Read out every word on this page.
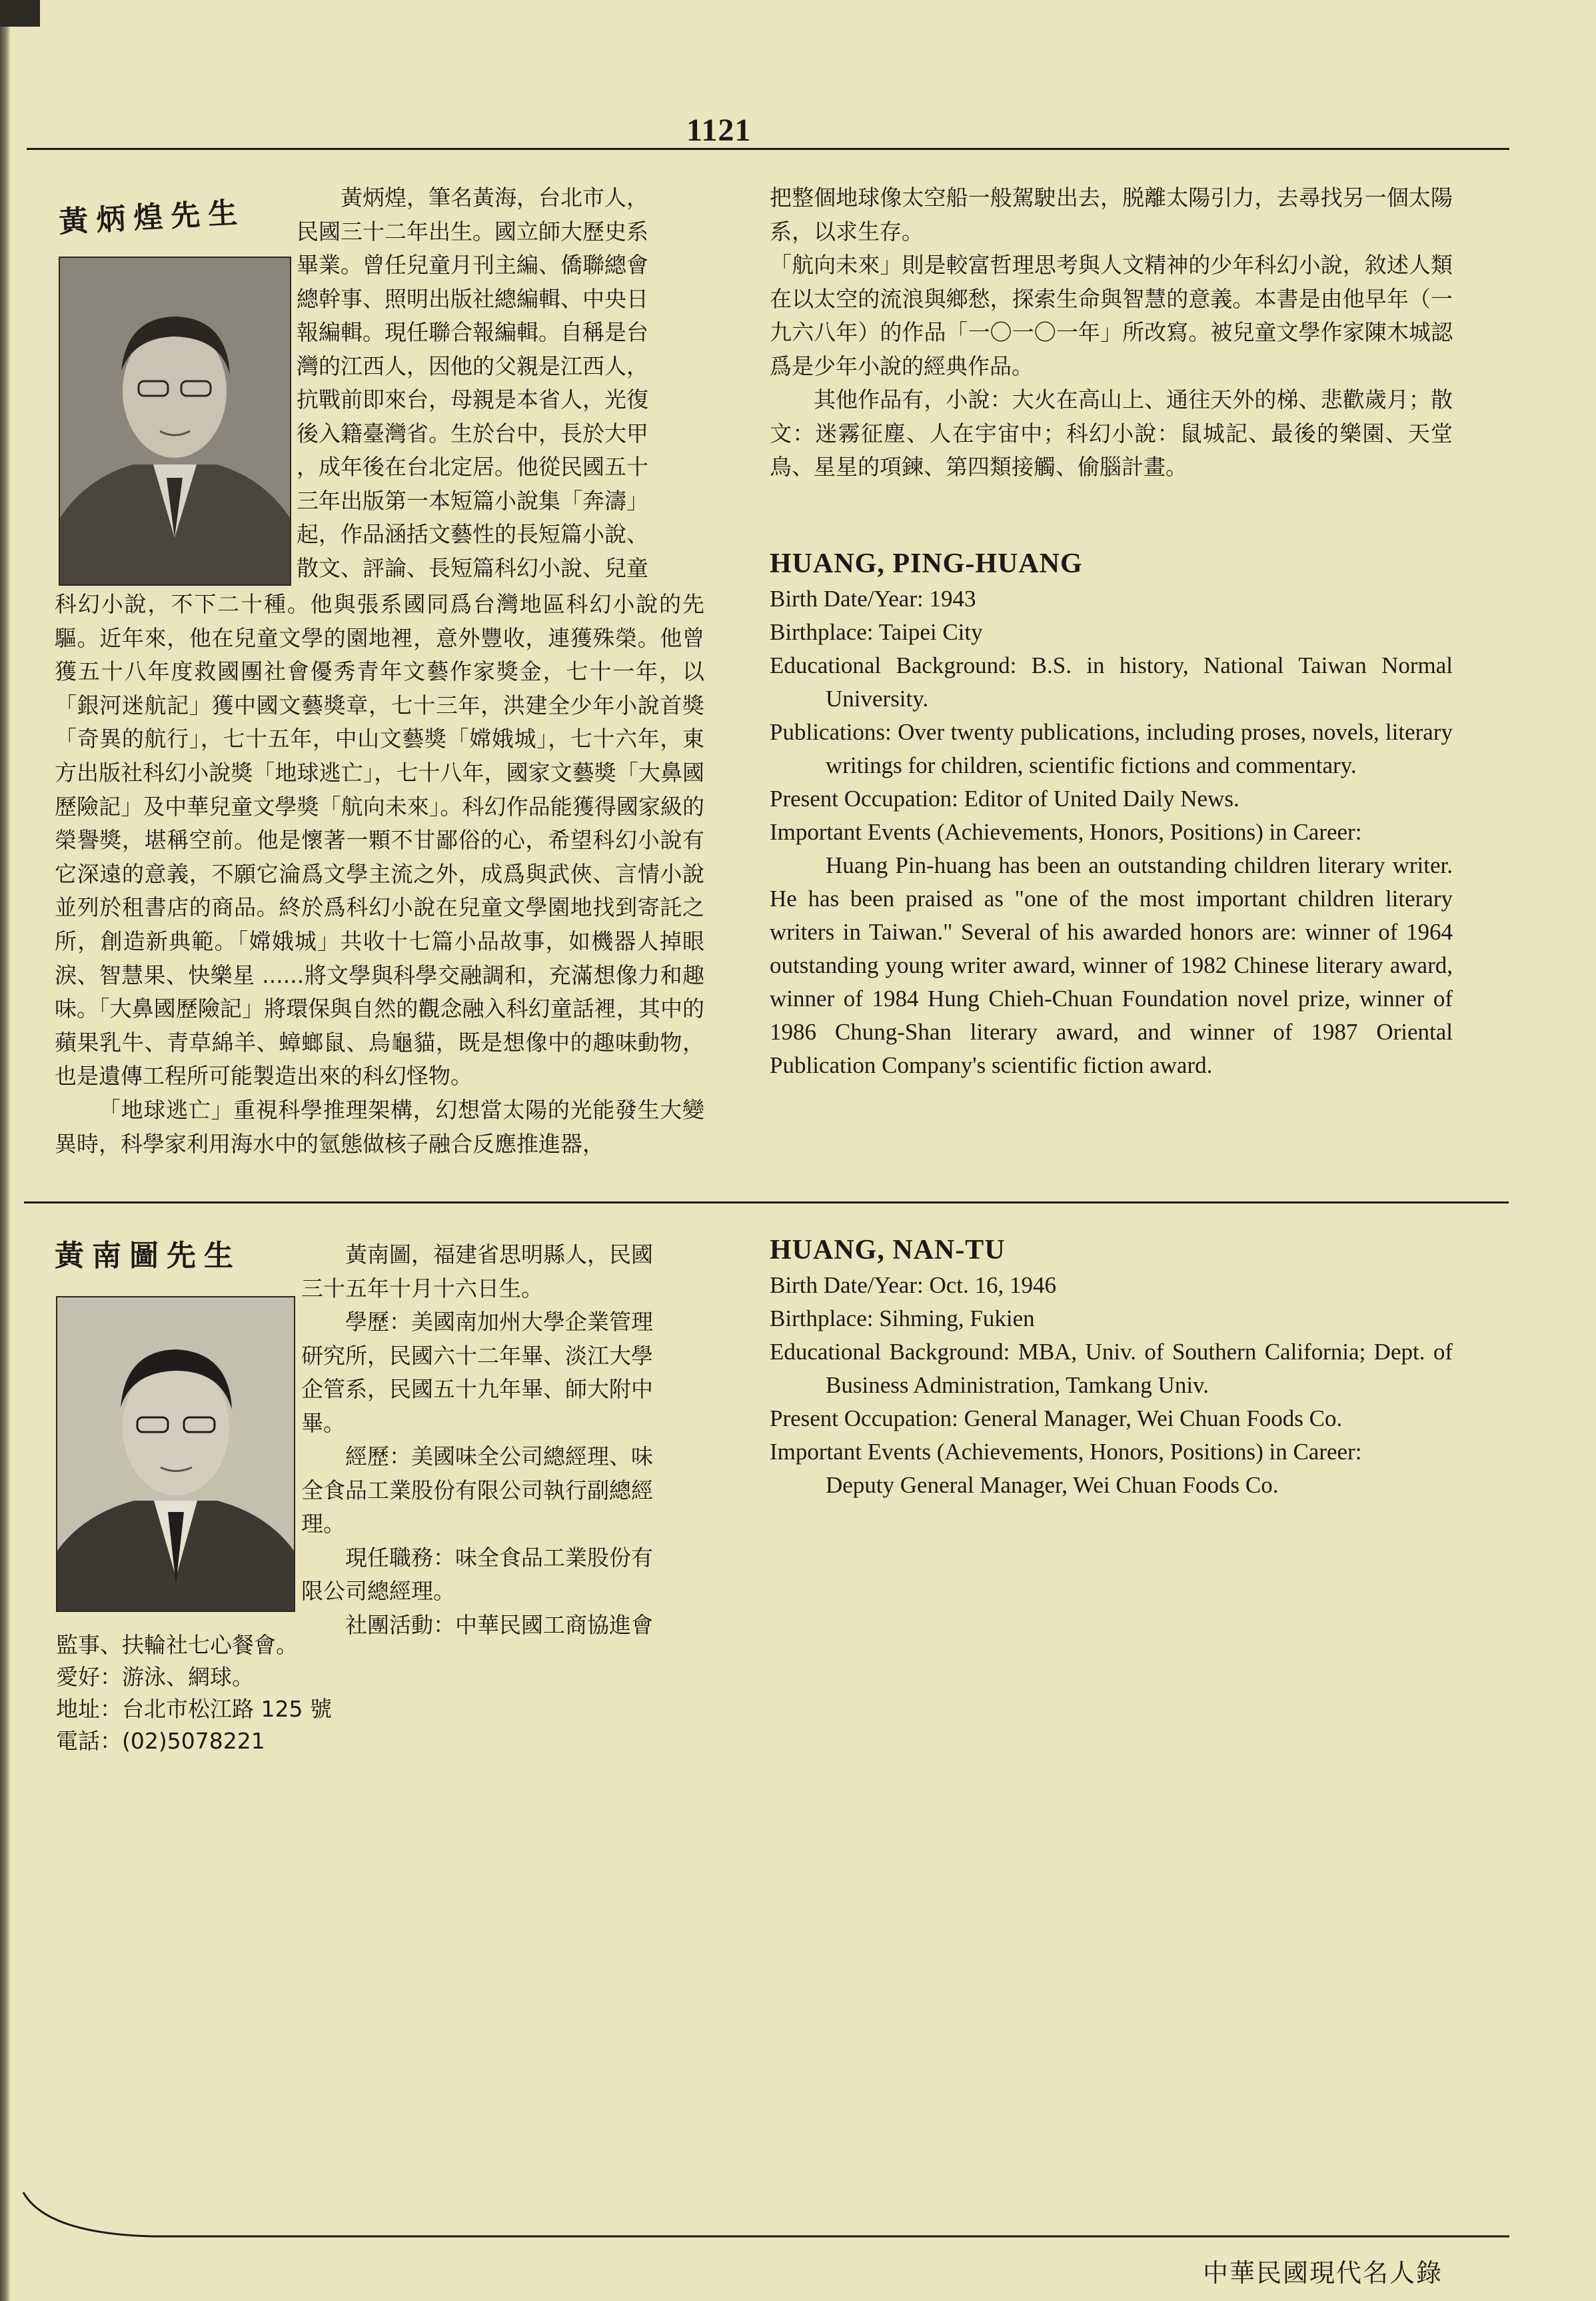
1121
黃炳煌先生	黃炳煌，筆名黃海，台北市人，
民國三十二年出生。國立師大歷史系
畢業。曾任兒童月刊主編、僑聯總會
總幹事、照明出版社總編輯、中央日
報編輯。現任聯合報編輯。自稱是台
灣的江西人，因他的父親是江西人，
抗戰前即來台，母親是本省人，光復
後入籍臺灣省。生於台中，長於大甲
，成年後在台北定居。他從民國五十
三年出版第一本短篇小說集「奔濤」
起，作品涵括文藝性的長短篇小說、
散文、評論、長短篇科幻小說、兒童

科幻小說，不下二十種。他與張系國同爲台灣地區科幻小說的先驅。近年來，他在兒童文學的園地裡，意外豐收，連獲殊榮。他曾獲五十八年度救國團社會優秀青年文藝作家獎金，七十一年，以「銀河迷航記」獲中國文藝獎章，七十三年，洪建全少年小說首獎「奇異的航行」，七十五年，中山文藝獎「嫦娥城」，七十六年，東方出版社科幻小說獎「地球逃亡」，七十八年，國家文藝獎「大鼻國歷險記」及中華兒童文學獎「航向未來」。科幻作品能獲得國家級的榮譽獎，堪稱空前。他是懷著一顆不甘鄙俗的心，希望科幻小說有它深遠的意義，不願它淪爲文學主流之外，成爲與武俠、言情小說並列於租書店的商品。終於爲科幻小說在兒童文學園地找到寄託之所，創造新典範。「嫦娥城」共收十七篇小品故事，如機器人掉眼淚、智慧果、快樂星 ......將文學與科學交融調和，充滿想像力和趣味。「大鼻國歷險記」將環保與自然的觀念融入科幻童話裡，其中的蘋果乳牛、青草綿羊、蟑螂鼠、烏龜貓，既是想像中的趣味動物，也是遺傳工程所可能製造出來的科幻怪物。

「地球逃亡」重視科學推理架構，幻想當太陽的光能發生大變異時，科學家利用海水中的氫態做核子融合反應推進器，

把整個地球像太空船一般駕駛出去，脱離太陽引力，去尋找另一個太陽系，以求生存。

「航向未來」則是較富哲理思考與人文精神的少年科幻小說，敘述人類在以太空的流浪與鄉愁，探索生命與智慧的意義。本書是由他早年（一九六八年）的作品「一〇一〇一年」所改寫。被兒童文學作家陳木城認爲是少年小說的經典作品。

其他作品有，小說：大火在高山上、通往天外的梯、悲歡歲月；散文：迷霧征塵、人在宇宙中；科幻小說：鼠城記、最後的樂園、天堂鳥、星星的項鍊、第四類接觸、偷腦計畫。

HUANG, PING-HUANG

Birth Date/Year: 1943

Birthplace: Taipei City

Educational Background: B.S. in history, National Taiwan Normal University.

Publications: Over twenty publications, including proses, novels, literary writings for children, scientific fictions and commentary.

Present Occupation: Editor of United Daily News.

Important Events (Achievements, Honors, Positions) in Career:

Huang Pin-huang has been an outstanding children literary writer. He has been praised as "one of the most important children literary writers in Taiwan." Several of his awarded honors are: winner of 1964 outstanding young writer award, winner of 1982 Chinese literary award, winner of 1984 Hung Chieh-Chuan Foundation novel prize, winner of 1986 Chung-Shan literary award, and winner of 1987 Oriental Publication Company's scientific fiction award.

黃南圖先生	黃南圖，福建省思明縣人，民國
三十五年十月十六日生。
學歷：美國南加州大學企業管理
研究所，民國六十二年畢、淡江大學
企管系，民國五十九年畢、師大附中
畢。
經歷：美國味全公司總經理、味
全食品工業股份有限公司執行副總經
理。
現任職務：味全食品工業股份有
限公司總經理。
社團活動：中華民國工商協進會
監事、扶輪社七心餐會。
愛好：游泳、網球。
地址：台北市松江路 125 號
電話：(02)5078221
HUANG, NAN-TU

Birth Date/Year: Oct. 16, 1946

Birthplace: Sihming, Fukien

Educational Background: MBA, Univ. of Southern California; Dept. of Business Administration, Tamkang Univ.

Present Occupation: General Manager, Wei Chuan Foods Co.

Important Events (Achievements, Honors, Positions) in Career:

Deputy General Manager, Wei Chuan Foods Co.

中華民國現代名人錄
